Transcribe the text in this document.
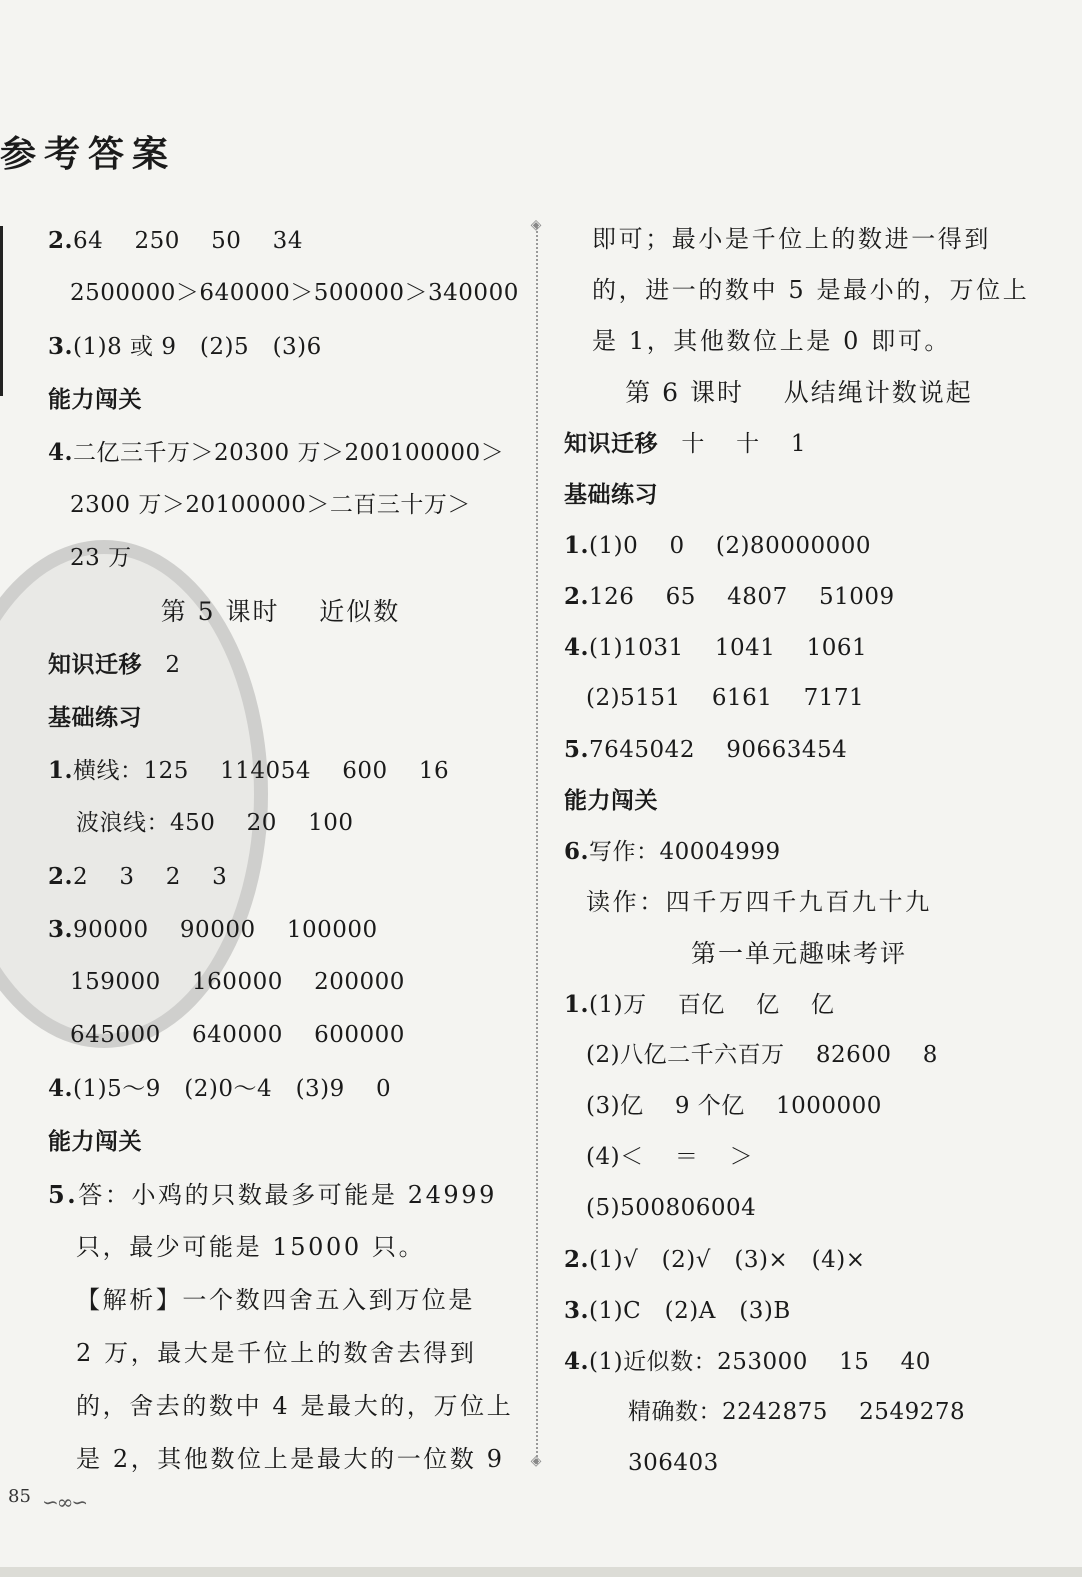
参考答案
2.64    250    50    34
2500000＞640000＞500000＞340000
3.(1)8 或 9   (2)5   (3)6
能力闯关
4.二亿三千万＞20300 万＞200100000＞
2300 万＞20100000＞二百三十万＞
23 万
第 5 课时    近似数
知识迁移   2
基础练习
1.横线：125    114054    600    16
波浪线：450    20    100
2.2    3    2    3
3.90000    90000    100000
159000    160000    200000
645000    640000    600000
4.(1)5～9   (2)0～4   (3)9    0
能力闯关
5.答：小鸡的只数最多可能是 24999
只，最少可能是 15000 只。
【解析】一个数四舍五入到万位是
2 万，最大是千位上的数舍去得到
的，舍去的数中 4 是最大的，万位上
是 2，其他数位上是最大的一位数 9
◈
◈
即可；最小是千位上的数进一得到
的，进一的数中 5 是最小的，万位上
是 1，其他数位上是 0 即可。
第 6 课时    从结绳计数说起
知识迁移   十    十    1
基础练习
1.(1)0    0    (2)80000000
2.126    65    4807    51009
4.(1)1031    1041    1061
(2)5151    6161    7171
5.7645042    90663454
能力闯关
6.写作：40004999
读作：四千万四千九百九十九
第一单元趣味考评
1.(1)万    百亿    亿    亿
(2)八亿二千六百万    82600    8
(3)亿    9 个亿    1000000
(4)＜    ＝    ＞
(5)500806004
2.(1)√   (2)√   (3)×   (4)×
3.(1)C   (2)A   (3)B
4.(1)近似数：253000    15    40
精确数：2242875    2549278
306403
85 ∽∞∽
